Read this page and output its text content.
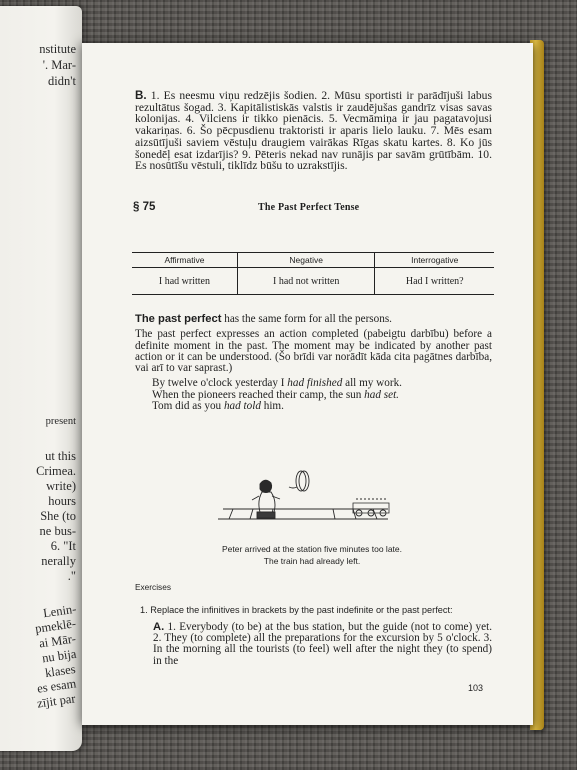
nstitute
'. Mar-
didn't
present
ut this
Crimea.
write)
hours
She (to
ne bus-
6. "It
nerally
."
Lenin-
pmeklē-
ai Mār-
nu bija
klases
es esam
zījit par

B. 1. Es neesmu viņu redzējis šodien. 2. Mūsu sportisti ir parādījuši labus rezultātus šogad. 3. Kapitālistiskās valstis ir zaudējušas gandrīz visas savas kolonijas. 4. Vilciens ir tikko pienācis. 5. Vecmāmiņa ir jau pagatavojusi vakariņas. 6. Šo pēcpusdienu traktoristi ir aparis lielo lauku. 7. Mēs esam aizsūtījuši saviem vēstuļu draugiem vairākas Rīgas skatu kartes. 8. Ko jūs šonedēļ esat izdarījis? 9. Pēteris nekad nav runājis par savām grūtībām. 10. Es nosūtīšu vēstuli, tiklīdz būšu to uzrakstījis.

§ 75	The Past Perfect Tense
Affirmative	Negative	Interrogative
I had written	I had not written	Had I written?

The past perfect has the same form for all the persons.

The past perfect expresses an action completed (pabeigtu darbību) before a definite moment in the past. The moment may be indicated by another past action or it can be understood. (Šo brīdi var norādīt kāda cita pagātnes darbība, vai arī to var saprast.)

By twelve o'clock yesterday I had finished all my work.

When the pioneers reached their camp, the sun had set.

Tom did as you had told him.

Peter arrived at the station five minutes too late.
The train had already left.
Exercises
1. Replace the infinitives in brackets by the past indefinite or the past perfect:

A. 1. Everybody (to be) at the bus station, but the guide (not to come) yet. 2. They (to complete) all the preparations for the excursion by 5 o'clock. 3. In the morning all the tourists (to feel) well after the night they (to spend) in the

103
